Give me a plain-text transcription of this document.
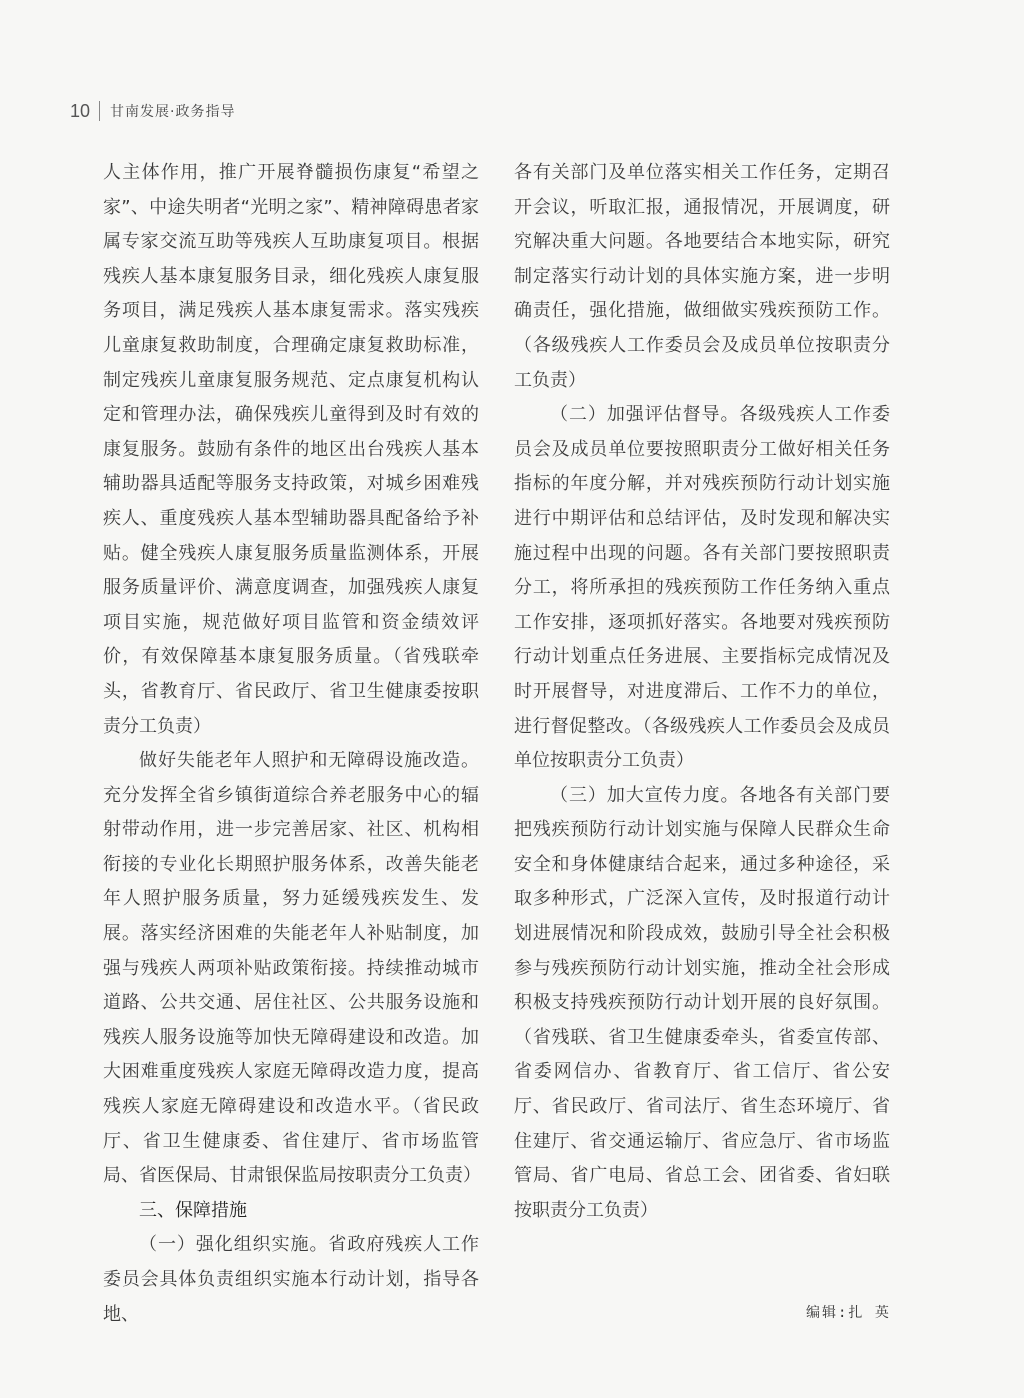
10 甘南发展·政务指导

人主体作用，推广开展脊髓损伤康复“希望之家”、中途失明者“光明之家”、精神障碍患者家属专家交流互助等残疾人互助康复项目。根据残疾人基本康复服务目录，细化残疾人康复服务项目，满足残疾人基本康复需求。落实残疾儿童康复救助制度，合理确定康复救助标准，制定残疾儿童康复服务规范、定点康复机构认定和管理办法，确保残疾儿童得到及时有效的康复服务。鼓励有条件的地区出台残疾人基本辅助器具适配等服务支持政策，对城乡困难残疾人、重度残疾人基本型辅助器具配备给予补贴。健全残疾人康复服务质量监测体系，开展服务质量评价、满意度调查，加强残疾人康复项目实施，规范做好项目监管和资金绩效评价，有效保障基本康复服务质量。（省残联牵头，省教育厅、省民政厅、省卫生健康委按职责分工负责）

做好失能老年人照护和无障碍设施改造。充分发挥全省乡镇街道综合养老服务中心的辐射带动作用，进一步完善居家、社区、机构相衔接的专业化长期照护服务体系，改善失能老年人照护服务质量，努力延缓残疾发生、发展。落实经济困难的失能老年人补贴制度，加强与残疾人两项补贴政策衔接。持续推动城市道路、公共交通、居住社区、公共服务设施和残疾人服务设施等加快无障碍建设和改造。加大困难重度残疾人家庭无障碍改造力度，提高残疾人家庭无障碍建设和改造水平。（省民政厅、省卫生健康委、省住建厅、省市场监管局、省医保局、甘肃银保监局按职责分工负责）

三、保障措施

（一）强化组织实施。省政府残疾人工作委员会具体负责组织实施本行动计划，指导各地、

各有关部门及单位落实相关工作任务，定期召开会议，听取汇报，通报情况，开展调度，研究解决重大问题。各地要结合本地实际，研究制定落实行动计划的具体实施方案，进一步明确责任，强化措施，做细做实残疾预防工作。（各级残疾人工作委员会及成员单位按职责分工负责）

（二）加强评估督导。各级残疾人工作委员会及成员单位要按照职责分工做好相关任务指标的年度分解，并对残疾预防行动计划实施进行中期评估和总结评估，及时发现和解决实施过程中出现的问题。各有关部门要按照职责分工，将所承担的残疾预防工作任务纳入重点工作安排，逐项抓好落实。各地要对残疾预防行动计划重点任务进展、主要指标完成情况及时开展督导，对进度滞后、工作不力的单位，进行督促整改。（各级残疾人工作委员会及成员单位按职责分工负责）

（三）加大宣传力度。各地各有关部门要把残疾预防行动计划实施与保障人民群众生命安全和身体健康结合起来，通过多种途径，采取多种形式，广泛深入宣传，及时报道行动计划进展情况和阶段成效，鼓励引导全社会积极参与残疾预防行动计划实施，推动全社会形成积极支持残疾预防行动计划开展的良好氛围。（省残联、省卫生健康委牵头，省委宣传部、省委网信办、省教育厅、省工信厅、省公安厅、省民政厅、省司法厅、省生态环境厅、省住建厅、省交通运输厅、省应急厅、省市场监管局、省广电局、省总工会、团省委、省妇联按职责分工负责）

编辑:扎 英
